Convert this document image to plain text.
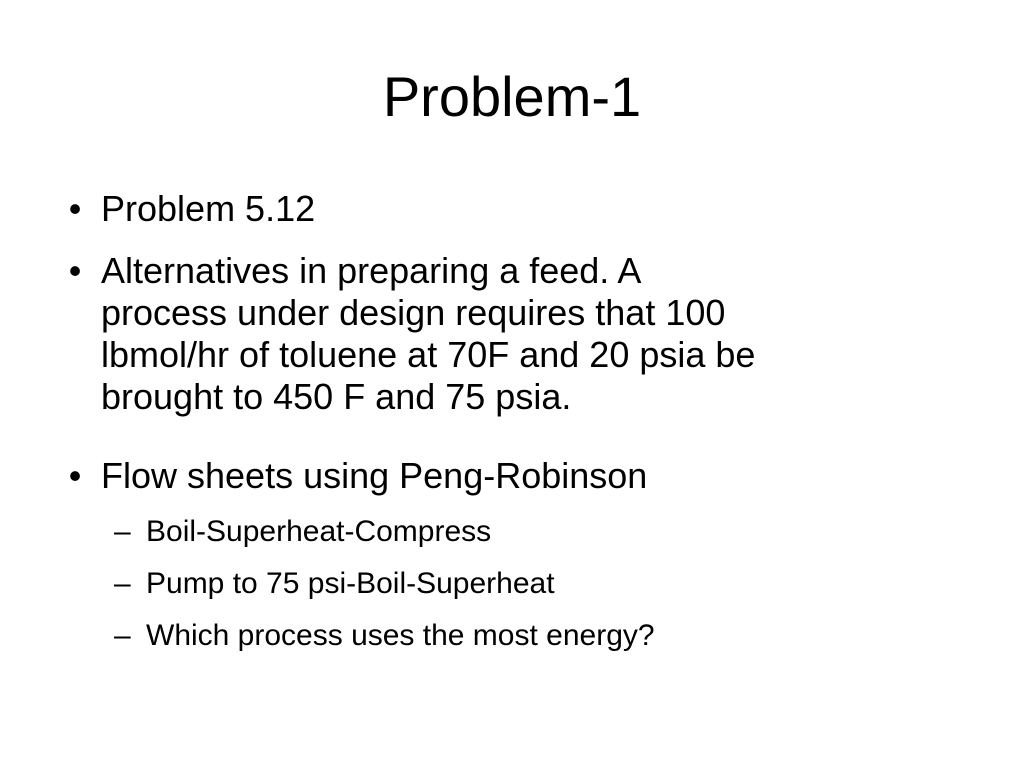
Problem-1
• Problem 5.12
• Alternatives in preparing a feed. A
process under design requires that 100
lbmol/hr of toluene at 70F and 20 psia be
brought to 450 F and 75 psia.
• Flow sheets using Peng-Robinson
– Boil-Superheat-Compress
– Pump to 75 psi-Boil-Superheat
– Which process uses the most energy?
